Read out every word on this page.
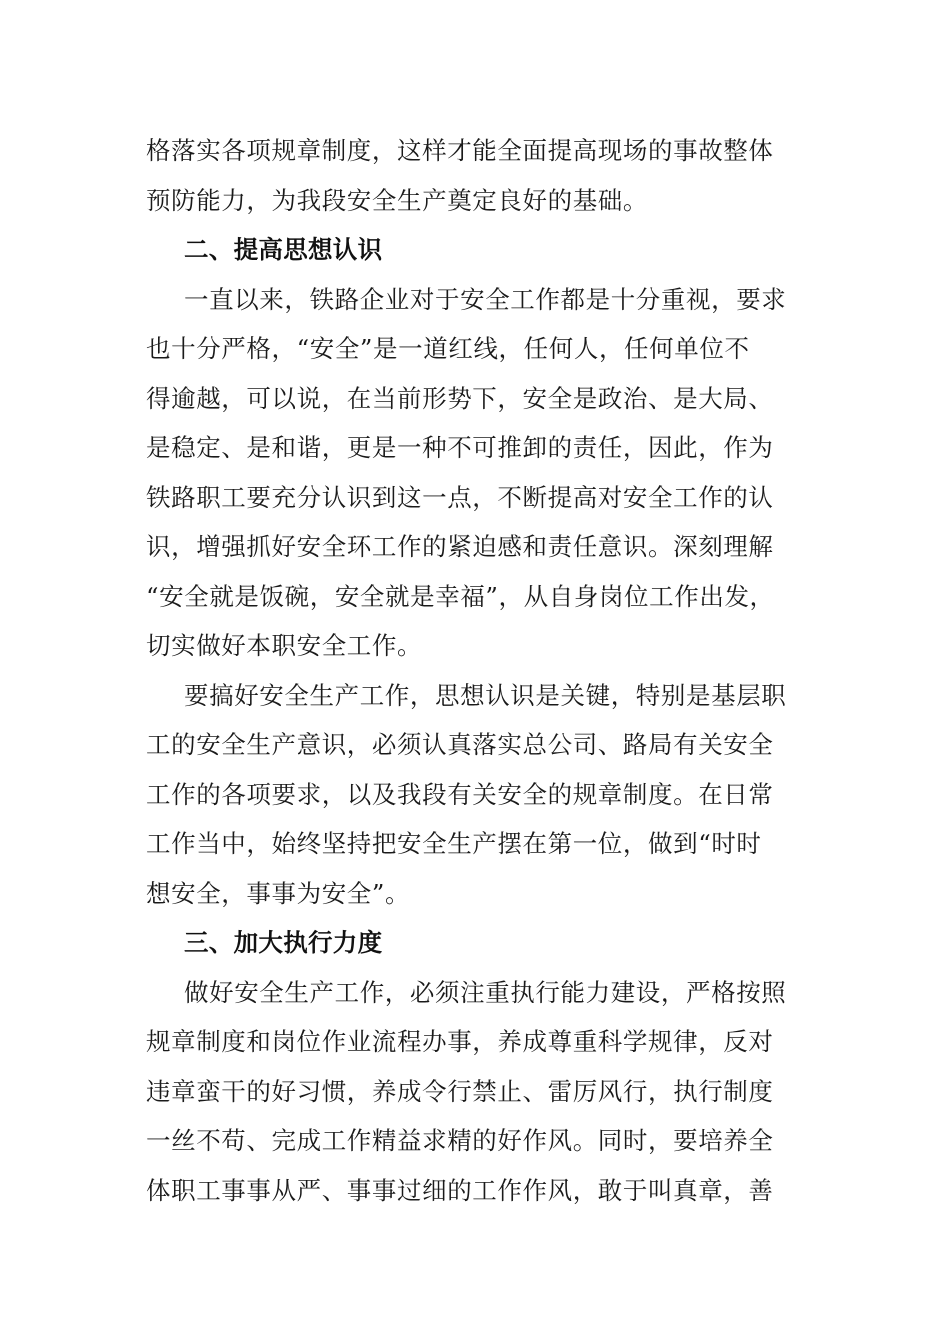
格落实各项规章制度，这样才能全面提高现场的事故整体
预防能力，为我段安全生产奠定良好的基础。
二、提高思想认识
一直以来，铁路企业对于安全工作都是十分重视，要求
也十分严格，“安全”是一道红线，任何人，任何单位不
得逾越，可以说，在当前形势下，安全是政治、是大局、
是稳定、是和谐，更是一种不可推卸的责任，因此，作为
铁路职工要充分认识到这一点，不断提高对安全工作的认
识，增强抓好安全环工作的紧迫感和责任意识。深刻理解
“安全就是饭碗，安全就是幸福”，从自身岗位工作出发，
切实做好本职安全工作。
要搞好安全生产工作，思想认识是关键，特别是基层职
工的安全生产意识，必须认真落实总公司、路局有关安全
工作的各项要求，以及我段有关安全的规章制度。在日常
工作当中，始终坚持把安全生产摆在第一位，做到“时时
想安全，事事为安全”。
三、加大执行力度
做好安全生产工作，必须注重执行能力建设，严格按照
规章制度和岗位作业流程办事，养成尊重科学规律，反对
违章蛮干的好习惯，养成令行禁止、雷厉风行，执行制度
一丝不苟、完成工作精益求精的好作风。同时，要培养全
体职工事事从严、事事过细的工作作风，敢于叫真章，善
